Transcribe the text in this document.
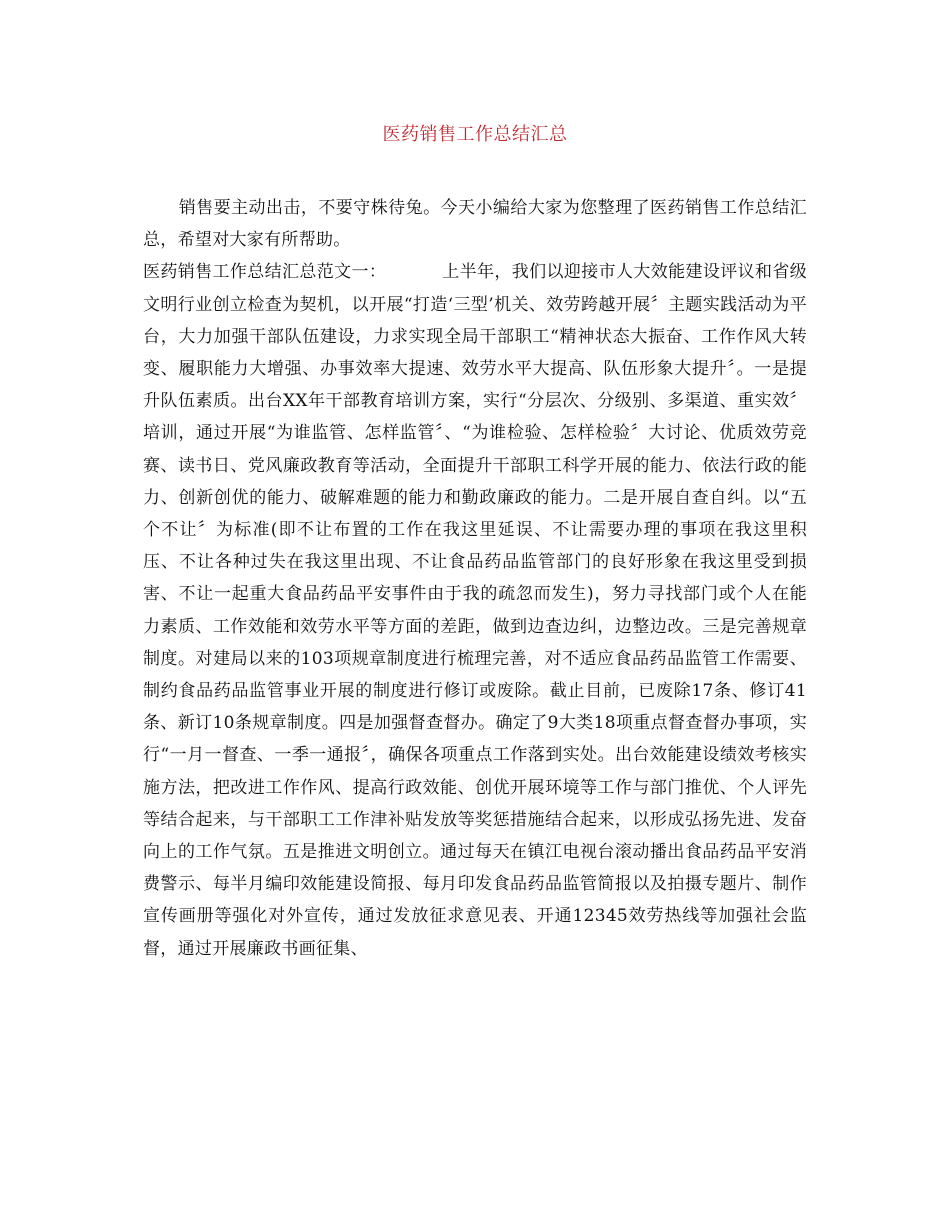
医药销售工作总结汇总

销售要主动出击，不要守株待兔。今天小编给大家为您整理了医药销售工作总结汇总，希望对大家有所帮助。

医药销售工作总结汇总范文一：	上半年，我们以迎接市人大效能建设评议和省级文明行业创立检查为契机，以开展“打造‘三型’机关、效劳跨越开展〞主题实践活动为平台，大力加强干部队伍建设，力求实现全局干部职工“精神状态大振奋、工作作风大转变、履职能力大增强、办事效率大提速、效劳水平大提高、队伍形象大提升〞。一是提升队伍素质。出台XX年干部教育培训方案，实行“分层次、分级别、多渠道、重实效〞培训，通过开展“为谁监管、怎样监管〞、“为谁检验、怎样检验〞大讨论、优质效劳竞赛、读书日、党风廉政教育等活动，全面提升干部职工科学开展的能力、依法行政的能力、创新创优的能力、破解难题的能力和勤政廉政的能力。二是开展自查自纠。以“五个不让〞为标准(即不让布置的工作在我这里延误、不让需要办理的事项在我这里积压、不让各种过失在我这里出现、不让食品药品监管部门的良好形象在我这里受到损害、不让一起重大食品药品平安事件由于我的疏忽而发生)，努力寻找部门或个人在能力素质、工作效能和效劳水平等方面的差距，做到边查边纠，边整边改。三是完善规章制度。对建局以来的103项规章制度进行梳理完善，对不适应食品药品监管工作需要、制约食品药品监管事业开展的制度进行修订或废除。截止目前，已废除17条、修订41条、新订10条规章制度。四是加强督查督办。确定了9大类18项重点督查督办事项，实行“一月一督查、一季一通报〞，确保各项重点工作落到实处。出台效能建设绩效考核实施方法，把改进工作作风、提高行政效能、创优开展环境等工作与部门推优、个人评先等结合起来，与干部职工工作津补贴发放等奖惩措施结合起来，以形成弘扬先进、发奋向上的工作气氛。五是推进文明创立。通过每天在镇江电视台滚动播出食品药品平安消费警示、每半月编印效能建设简报、每月印发食品药品监管简报以及拍摄专题片、制作宣传画册等强化对外宣传，通过发放征求意见表、开通12345效劳热线等加强社会监督，通过开展廉政书画征集、
